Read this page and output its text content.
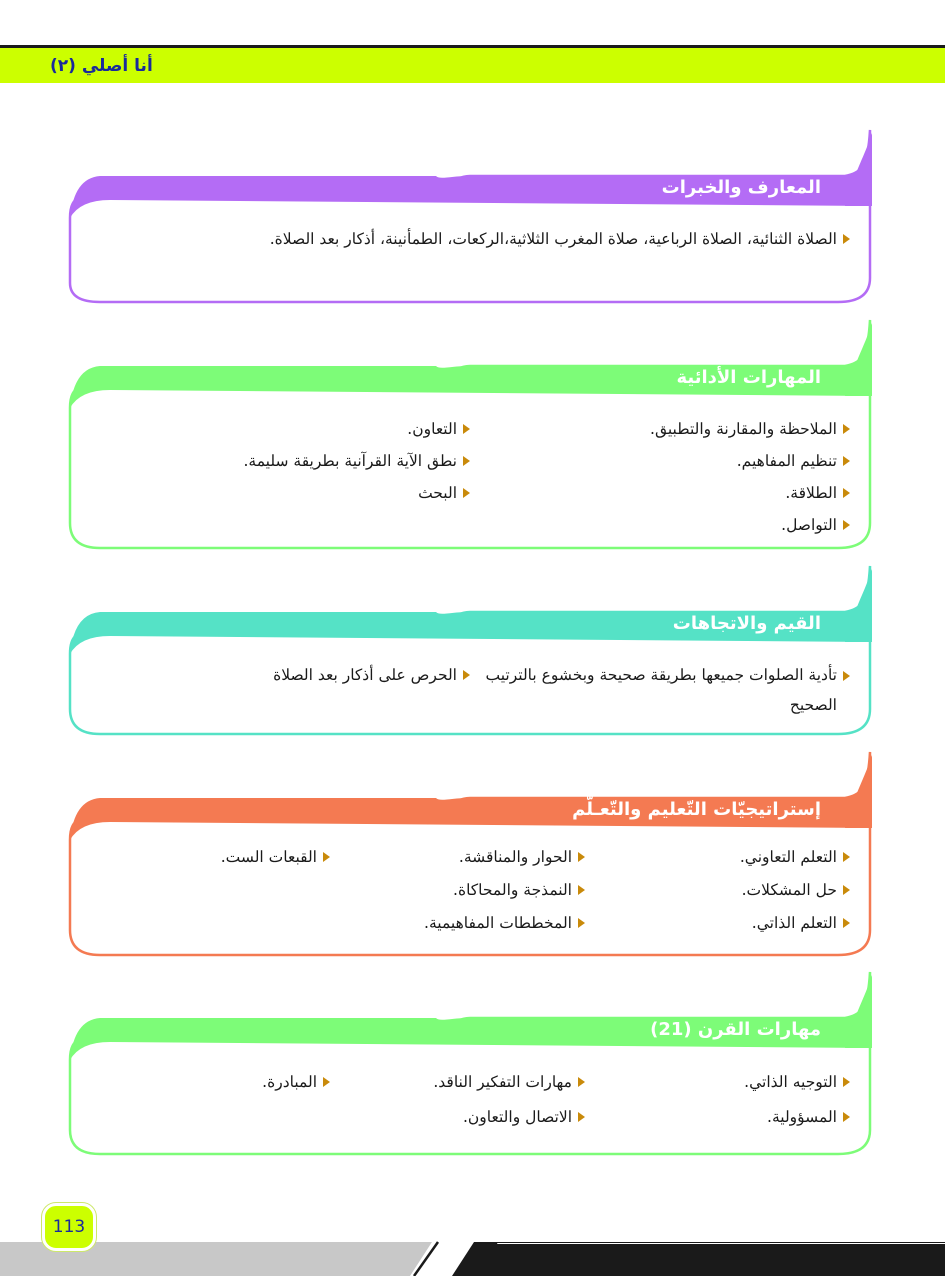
أنا أصلي (٢)
المعارف والخبرات
الصلاة الثنائية، الصلاة الرباعية، صلاة المغرب الثلاثية،الركعات، الطمأنينة، أذكار بعد الصلاة.
المهارات الأدائية
الملاحظة والمقارنة والتطبيق.
تنظيم المفاهيم.
الطلاقة.
التواصل.
التعاون.
نطق الآية القرآنية بطريقة سليمة.
البحث
القيم والاتجاهات
تأدية الصلوات جميعها بطريقة صحيحة وبخشوع بالترتيب الصحيح
الحرص على أذكار بعد الصلاة
إستراتيجيّات التّعليم والتّعـلُّم
التعلم التعاوني.
حل المشكلات.
التعلم الذاتي.
الحوار والمناقشة.
النمذجة والمحاكاة.
المخططات المفاهيمية.
القبعات الست.
مهارات القرن (21)
التوجيه الذاتي.
المسؤولية.
مهارات التفكير الناقد.
الاتصال والتعاون.
المبادرة.
113
